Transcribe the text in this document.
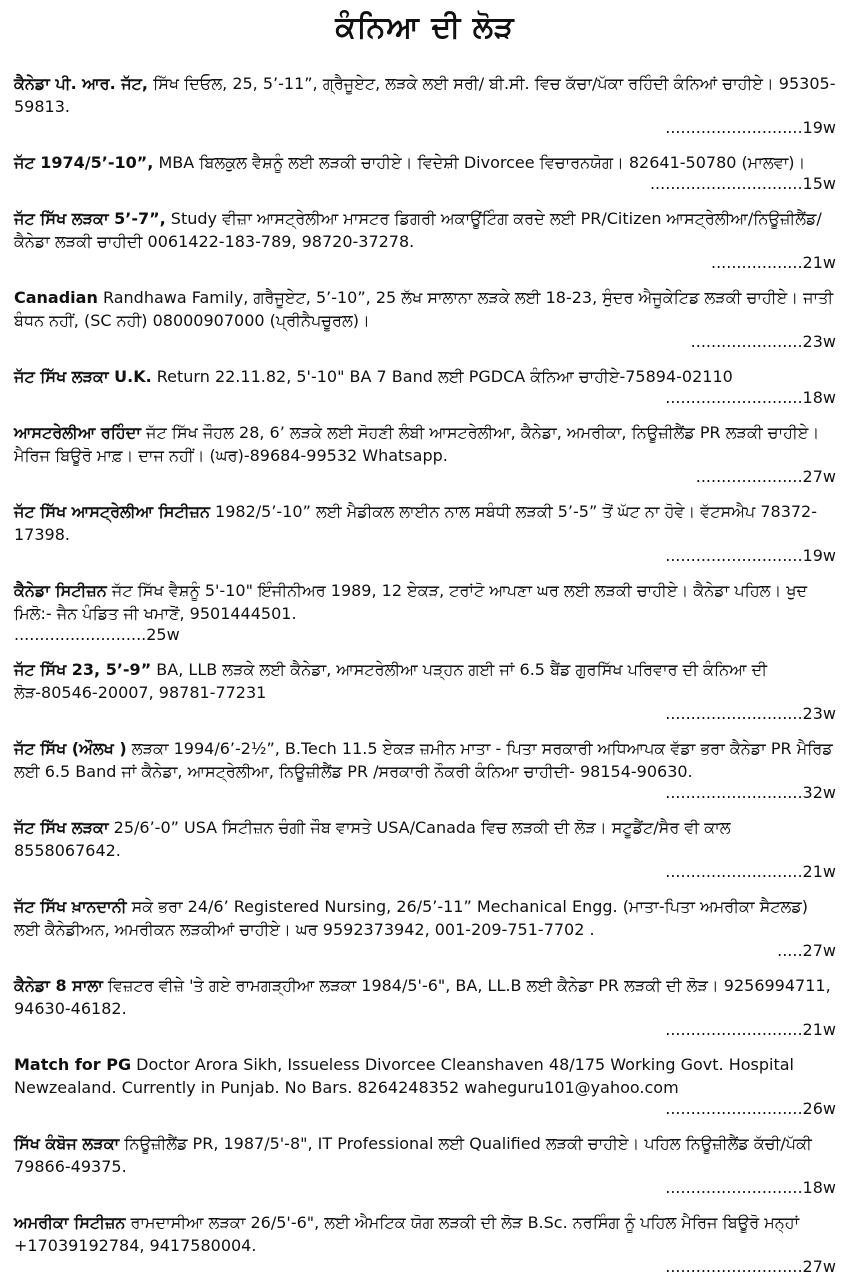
ਕੰਨਿਆ ਦੀ ਲੋੜ
ਕੈਨੇਡਾ ਪੀ. ਆਰ. ਜੱਟ, ਸਿੱਖ ਦਿਓਲ, 25, 5’-11”, ਗ੍ਰੈਜੂਏਟ, ਲੜਕੇ ਲਈ ਸਰੀ/ ਬੀ.ਸੀ. ਵਿਚ ਕੱਚਾ/ਪੱਕਾ ਰਹਿੰਦੀ ਕੰਨਿਆਂ ਚਾਹੀਏ। 95305-59813.
...........................19w
ਜੱਟ 1974/5’-10”, MBA ਬਿਲਕੁਲ ਵੈਸ਼ਨੂੰ ਲਈ ਲੜਕੀ ਚਾਹੀਏ। ਵਿਦੇਸ਼ੀ Divorcee ਵਿਚਾਰਨਯੋਗ। 82641-50780 (ਮਾਲਵਾ)।
..............................15w
ਜੱਟ ਸਿੱਖ ਲੜਕਾ 5’-7”, Study ਵੀਜ਼ਾ ਆਸਟ੍ਰੇਲੀਆ ਮਾਸਟਰ ਡਿਗਰੀ ਅਕਾਊਂਟਿੰਗ ਕਰਦੇ ਲਈ PR/Citizen ਆਸਟ੍ਰੇਲੀਆ/ਨਿਊਜ਼ੀਲੈਂਡ/ਕੈਨੇਡਾ ਲੜਕੀ ਚਾਹੀਦੀ 0061422-183-789, 98720-37278.
..................21w
Canadian Randhawa Family, ਗਰੈਜੂਏਟ, 5’-10”, 25 ਲੱਖ ਸਾਲਾਨਾ ਲੜਕੇ ਲਈ 18-23, ਸੁੰਦਰ ਐਜੂਕੇਟਿਡ ਲੜਕੀ ਚਾਹੀਏ। ਜਾਤੀ ਬੰਧਨ ਨਹੀਂ, (SC ਨਹੀ) 08000907000 (ਪ੍ਰੀਨੈਪਚੂਰਲ)।
......................23w
ਜੱਟ ਸਿੱਖ ਲੜਕਾ U.K. Return 22.11.82, 5'-10" BA 7 Band ਲਈ PGDCA ਕੰਨਿਆ ਚਾਹੀਏ-75894-02110
...........................18w
ਆਸਟਰੇਲੀਆ ਰਹਿੰਦਾ ਜੱਟ ਸਿੱਖ ਜੌਹਲ 28, 6’ ਲੜਕੇ ਲਈ ਸੋਹਣੀ ਲੰਬੀ ਆਸਟਰੇਲੀਆ, ਕੈਨੇਡਾ, ਅਮਰੀਕਾ, ਨਿਊਜ਼ੀਲੈਂਡ PR ਲੜਕੀ ਚਾਹੀਏ। ਮੈਰਿਜ ਬਿਊਰੋ ਮਾਫ਼। ਦਾਜ ਨਹੀਂ। (ਘਰ)-89684-99532 Whatsapp.
.....................27w
ਜੱਟ ਸਿੱਖ ਆਸਟ੍ਰੇਲੀਆ ਸਿਟੀਜ਼ਨ 1982/5’-10” ਲਈ ਮੈਡੀਕਲ ਲਾਈਨ ਨਾਲ ਸਬੰਧੀ ਲੜਕੀ 5’-5” ਤੋਂ ਘੱਟ ਨਾ ਹੋਵੇ। ਵੱਟਸਐਪ 78372-17398.
...........................19w
ਕੈਨੇਡਾ ਸਿਟੀਜ਼ਨ ਜੱਟ ਸਿੱਖ ਵੈਸ਼ਨੂੰ 5'-10" ਇੰਜੀਨੀਅਰ 1989, 12 ਏਕੜ, ਟਰਾਂਟੋ ਆਪਣਾ ਘਰ ਲਈ ਲੜਕੀ ਚਾਹੀਏ। ਕੈਨੇਡਾ ਪਹਿਲ। ਖੁਦ ਮਿਲੋ:- ਜੈਨ ਪੰਡਿਤ ਜੀ ਖਮਾਣੋਂ, 9501444501.
..........................25w
ਜੱਟ ਸਿੱਖ 23, 5’-9” BA, LLB ਲੜਕੇ ਲਈ ਕੈਨੇਡਾ, ਆਸਟਰੇਲੀਆ ਪੜ੍ਹਨ ਗਈ ਜਾਂ 6.5 ਬੈਂਡ ਗੁਰਸਿੱਖ ਪਰਿਵਾਰ ਦੀ ਕੰਨਿਆ ਦੀ ਲੋੜ-80546-20007, 98781-77231
...........................23w
ਜੱਟ ਸਿੱਖ (ਔਲਖ ) ਲੜਕਾ 1994/6’-2½”, B.Tech 11.5 ਏਕੜ ਜ਼ਮੀਨ ਮਾਤਾ - ਪਿਤਾ ਸਰਕਾਰੀ ਅਧਿਆਪਕ ਵੱਡਾ ਭਰਾ ਕੈਨੇਡਾ PR ਮੈਰਿਡ ਲਈ 6.5 Band ਜਾਂ ਕੈਨੇਡਾ, ਆਸਟ੍ਰੇਲੀਆ, ਨਿਊਜ਼ੀਲੈਂਡ PR /ਸਰਕਾਰੀ ਨੌਕਰੀ ਕੰਨਿਆ ਚਾਹੀਦੀ- 98154-90630.
...........................32w
ਜੱਟ ਸਿੱਖ ਲੜਕਾ 25/6’-0” USA ਸਿਟੀਜ਼ਨ ਚੰਗੀ ਜੌਬ ਵਾਸਤੇ USA/Canada ਵਿਚ ਲੜਕੀ ਦੀ ਲੋੜ। ਸਟੂਡੈਂਟ/ਸੈਰ ਵੀ ਕਾਲ 8558067642.
...........................21w
ਜੱਟ ਸਿੱਖ ਖ਼ਾਨਦਾਨੀ ਸਕੇ ਭਰਾ 24/6’ Registered Nursing, 26/5’-11” Mechanical Engg. (ਮਾਤਾ-ਪਿਤਾ ਅਮਰੀਕਾ ਸੈਟਲਡ) ਲਈ ਕੈਨੇਡੀਅਨ, ਅਮਰੀਕਨ ਲੜਕੀਆਂ ਚਾਹੀਏ। ਘਰ 9592373942, 001-209-751-7702 .
.....27w
ਕੈਨੇਡਾ 8 ਸਾਲਾ ਵਿਜ਼ਟਰ ਵੀਜ਼ੇ 'ਤੇ ਗਏ ਰਾਮਗੜ੍ਹੀਆ ਲੜਕਾ 1984/5'-6", BA, LL.B ਲਈ ਕੈਨੇਡਾ PR ਲੜਕੀ ਦੀ ਲੋੜ। 9256994711, 94630-46182.
...........................21w
Match for PG Doctor Arora Sikh, Issueless Divorcee Cleanshaven 48/175 Working Govt. Hospital Newzealand. Currently in Punjab. No Bars. 8264248352 waheguru101@yahoo.com
...........................26w
ਸਿੱਖ ਕੰਬੋਜ ਲੜਕਾ ਨਿਊਜ਼ੀਲੈਂਡ PR, 1987/5'-8", IT Professional ਲਈ Qualified ਲੜਕੀ ਚਾਹੀਏ। ਪਹਿਲ ਨਿਊਜ਼ੀਲੈਂਡ ਕੱਚੀ/ਪੱਕੀ 79866-49375.
...........................18w
ਅਮਰੀਕਾ ਸਿਟੀਜ਼ਨ ਰਾਮਦਾਸੀਆ ਲੜਕਾ 26/5'-6", ਲਈ ਐਮਟਿਕ ਯੋਗ ਲੜਕੀ ਦੀ ਲੋੜ B.Sc. ਨਰਸਿੰਗ ਨੂੰ ਪਹਿਲ ਮੈਰਿਜ ਬਿਊਰੋ ਮਨ੍ਹਾਂ +17039192784, 9417580004.
...........................27w
